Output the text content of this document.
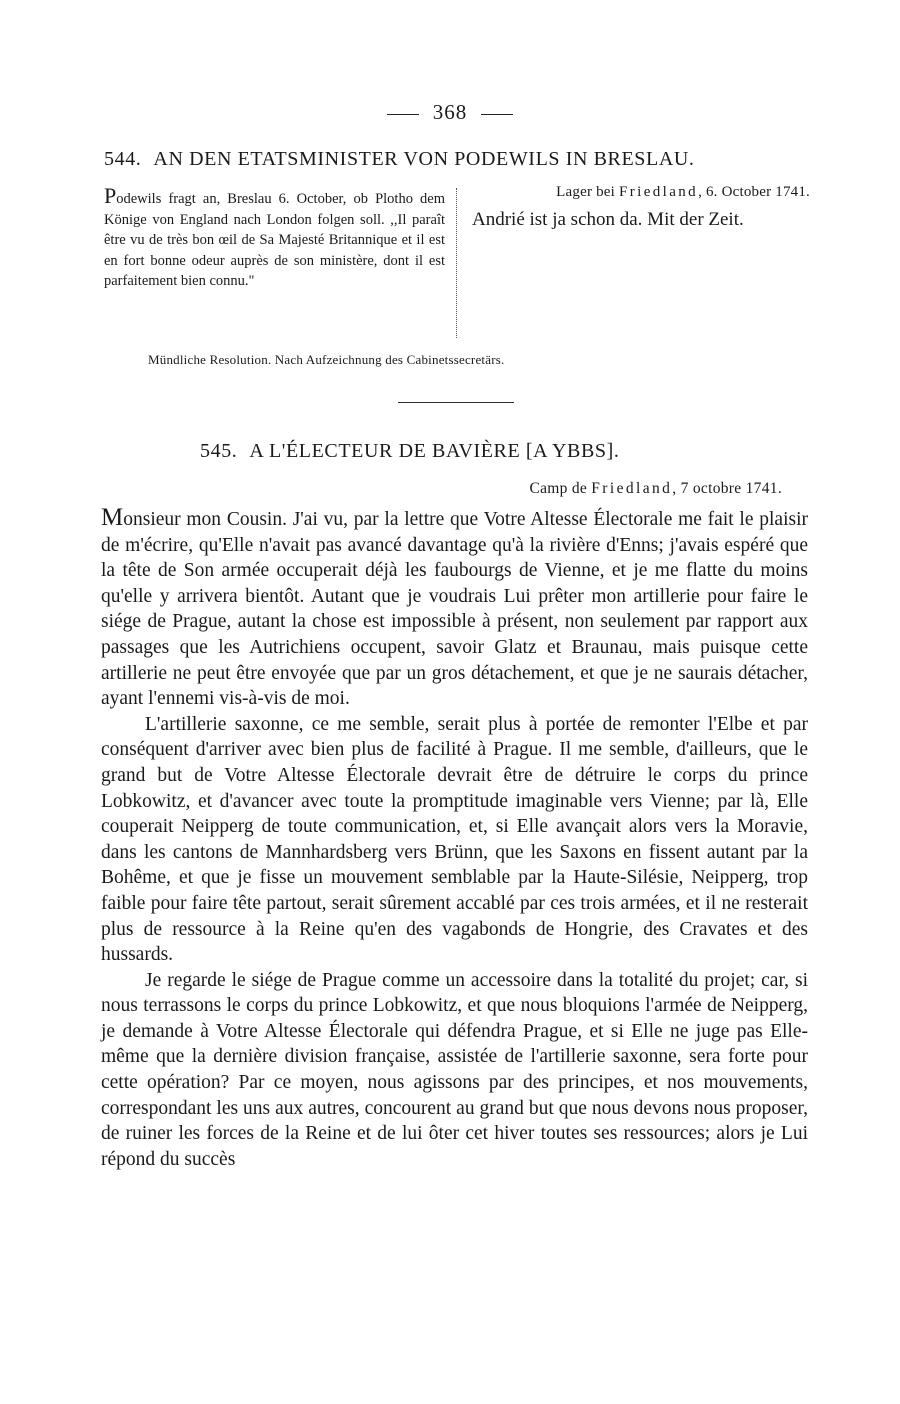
368
544. AN DEN ETATSMINISTER VON PODEWILS IN BRESLAU.
Podewils fragt an, Breslau 6. October, ob Plotho dem Könige von England nach London folgen soll. ,,Il paraît être vu de très bon œil de Sa Majesté Britannique et il est en fort bonne odeur auprès de son ministère, dont il est parfaitement bien connu."
Lager bei Friedland, 6. October 1741.
Andrié ist ja schon da. Mit der Zeit.
Mündliche Resolution. Nach Aufzeichnung des Cabinetssecretärs.
545. A L'ÉLECTEUR DE BAVIÈRE [A YBBS].
Camp de Friedland, 7 octobre 1741.

Monsieur mon Cousin. J'ai vu, par la lettre que Votre Altesse Électorale me fait le plaisir de m'écrire, qu'Elle n'avait pas avancé davantage qu'à la rivière d'Enns; j'avais espéré que la tête de Son armée occuperait déjà les faubourgs de Vienne, et je me flatte du moins qu'elle y arrivera bientôt. Autant que je voudrais Lui prêter mon artillerie pour faire le siége de Prague, autant la chose est impossible à présent, non seulement par rapport aux passages que les Autrichiens occupent, savoir Glatz et Braunau, mais puisque cette artillerie ne peut être envoyée que par un gros détachement, et que je ne saurais détacher, ayant l'ennemi vis-à-vis de moi.

L'artillerie saxonne, ce me semble, serait plus à portée de remonter l'Elbe et par conséquent d'arriver avec bien plus de facilité à Prague. Il me semble, d'ailleurs, que le grand but de Votre Altesse Électorale devrait être de détruire le corps du prince Lobkowitz, et d'avancer avec toute la promptitude imaginable vers Vienne; par là, Elle couperait Neipperg de toute communication, et, si Elle avançait alors vers la Moravie, dans les cantons de Mannhardsberg vers Brünn, que les Saxons en fissent autant par la Bohême, et que je fisse un mouvement semblable par la Haute-Silésie, Neipperg, trop faible pour faire tête partout, serait sûrement accablé par ces trois armées, et il ne resterait plus de ressource à la Reine qu'en des vagabonds de Hongrie, des Cravates et des hussards.

Je regarde le siége de Prague comme un accessoire dans la totalité du projet; car, si nous terrassons le corps du prince Lobkowitz, et que nous bloquions l'armée de Neipperg, je demande à Votre Altesse Électorale qui défendra Prague, et si Elle ne juge pas Elle-même que la dernière division française, assistée de l'artillerie saxonne, sera forte pour cette opération? Par ce moyen, nous agissons par des principes, et nos mouvements, correspondant les uns aux autres, concourent au grand but que nous devons nous proposer, de ruiner les forces de la Reine et de lui ôter cet hiver toutes ses ressources; alors je Lui répond du succès
